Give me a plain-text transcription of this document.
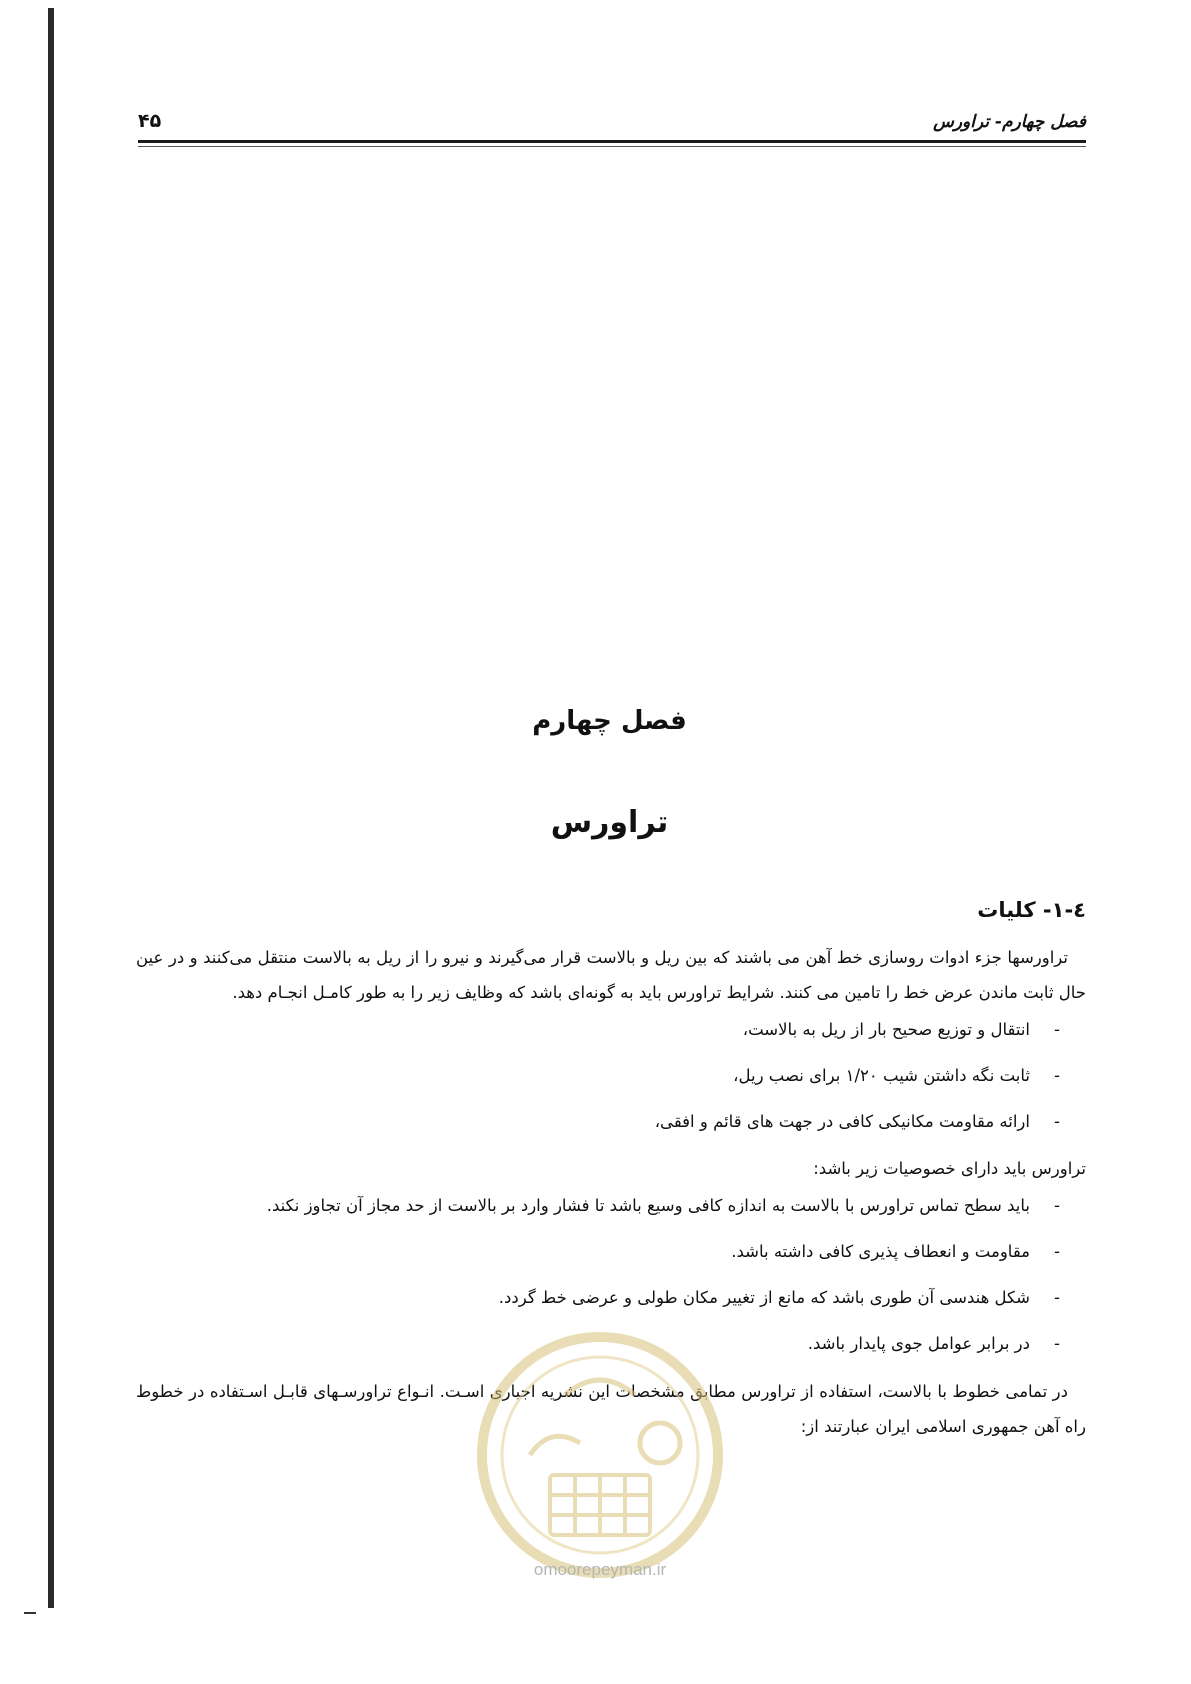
فصل چهارم- تراورس
۴۵
فصل چهارم
تراورس
٤-١- کلیات

تراورسها جزء ادوات روسازی خط آهن می باشند که بین ریل و بالاست قرار می‌گیرند و نیرو را از ریل به بالاست منتقل می‌کنند و در عین حال ثابت ماندن عرض خط را تامین می کنند. شرایط تراورس باید به گونه‌ای باشد که وظایف زیر را به طور کامـل انجـام دهد.

-
انتقال و توزیع صحیح بار از ریل به بالاست،
-
ثابت نگه داشتن شیب ۱/۲۰ برای نصب ریل،
-
ارائه مقاومت مکانیکی کافی در جهت های قائم و افقی،

تراورس باید دارای خصوصیات زیر باشد:

-
باید سطح تماس تراورس با بالاست به اندازه کافی وسیع باشد تا فشار وارد بر بالاست از حد مجاز آن تجاوز نکند.
-
مقاومت و انعطاف پذیری کافی داشته باشد.
-
شکل هندسی آن طوری باشد که مانع از تغییر مکان طولی و عرضی خط گردد.
-
در برابر عوامل جوی پایدار باشد.

در تمامی خطوط با بالاست، استفاده از تراورس مطابق مشخصات این نشریه اجباری اسـت. انـواع تراورسـهای قابـل اسـتفاده در خطوط راه آهن جمهوری اسلامی ایران عبارتند از:

omoorepeyman.ir
